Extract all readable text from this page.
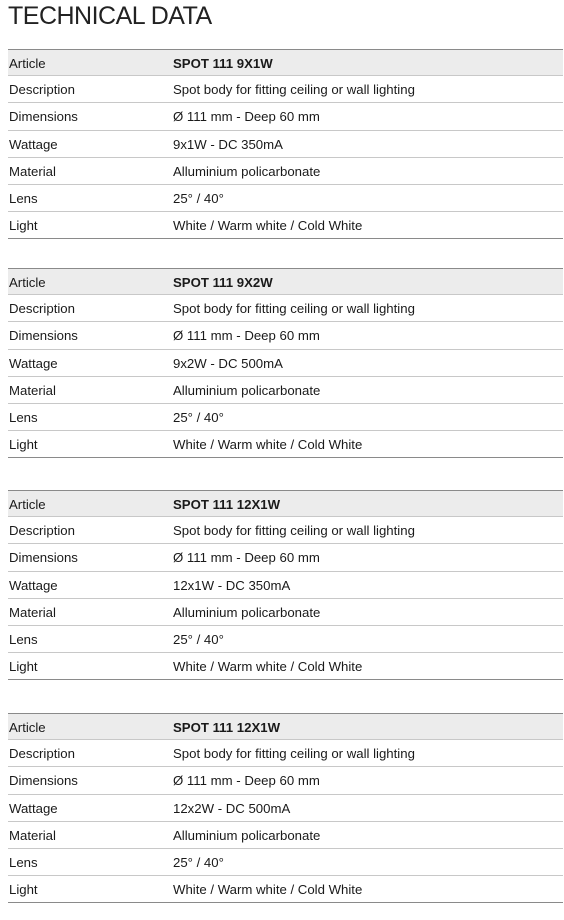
TECHNICAL DATA
Article	SPOT 111 9X1W
Description	Spot body for fitting ceiling or wall lighting
Dimensions	Ø 111 mm - Deep 60 mm
Wattage	9x1W - DC 350mA
Material	Alluminium policarbonate
Lens	25° / 40°
Light	White / Warm white / Cold White
Article	SPOT 111 9X2W
Description	Spot body for fitting ceiling or wall lighting
Dimensions	Ø 111 mm - Deep 60 mm
Wattage	9x2W - DC 500mA
Material	Alluminium policarbonate
Lens	25° / 40°
Light	White / Warm white / Cold White
Article	SPOT 111 12X1W
Description	Spot body for fitting ceiling or wall lighting
Dimensions	Ø 111 mm - Deep 60 mm
Wattage	12x1W - DC 350mA
Material	Alluminium policarbonate
Lens	25° / 40°
Light	White / Warm white / Cold White
Article	SPOT 111 12X1W
Description	Spot body for fitting ceiling or wall lighting
Dimensions	Ø 111 mm - Deep 60 mm
Wattage	12x2W - DC 500mA
Material	Alluminium policarbonate
Lens	25° / 40°
Light	White / Warm white / Cold White
